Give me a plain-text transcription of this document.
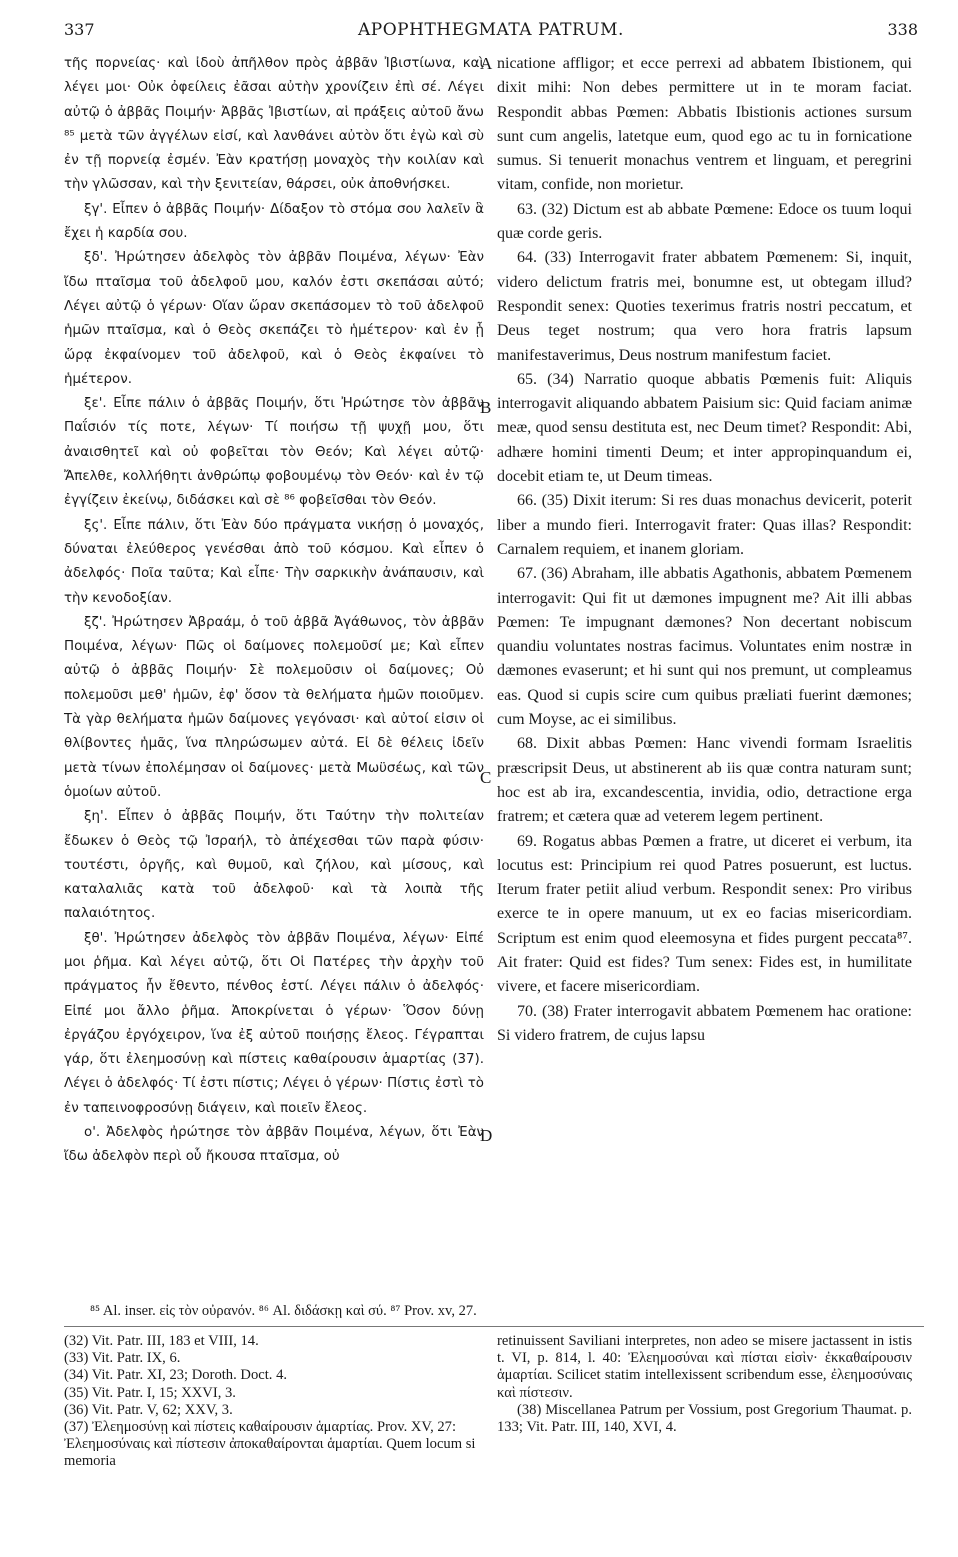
337	APOPHTHEGMATA PATRUM.	338

τῆς πορνείας· καὶ ἰδοὺ ἀπῆλθον πρὸς ἀββᾶν Ἰβιστίωνα, καὶ λέγει μοι· Οὐκ ὀφείλεις ἐᾶσαι αὐτὴν χρονίζειν ἐπὶ σέ. Λέγει αὐτῷ ὁ ἀββᾶς Ποιμήν· Ἀββᾶς Ἰβιστίων, αἱ πράξεις αὐτοῦ ἄνω ⁸⁵ μετὰ τῶν ἀγγέλων εἰσί, καὶ λανθάνει αὐτὸν ὅτι ἐγὼ καὶ σὺ ἐν τῇ πορνείᾳ ἐσμέν. Ἐὰν κρατήσῃ μοναχὸς τὴν κοιλίαν καὶ τὴν γλῶσσαν, καὶ τὴν ξενιτείαν, θάρσει, οὐκ ἀποθνήσκει.

ξγ'. Εἶπεν ὁ ἀββᾶς Ποιμήν· Δίδαξον τὸ στόμα σου λαλεῖν ἃ ἔχει ἡ καρδία σου.

ξδ'. Ἠρώτησεν ἀδελφὸς τὸν ἀββᾶν Ποιμένα, λέγων· Ἐὰν ἴδω πταῖσμα τοῦ ἀδελφοῦ μου, καλόν ἐστι σκεπάσαι αὐτό; Λέγει αὐτῷ ὁ γέρων· Οἵαν ὥραν σκεπάσομεν τὸ τοῦ ἀδελφοῦ ἡμῶν πταῖσμα, καὶ ὁ Θεὸς σκεπάζει τὸ ἡμέτερον· καὶ ἐν ᾗ ὥρᾳ ἐκφαίνομεν τοῦ ἀδελφοῦ, καὶ ὁ Θεὸς ἐκφαίνει τὸ ἡμέτερον.

ξε'. Εἶπε πάλιν ὁ ἀββᾶς Ποιμήν, ὅτι Ἠρώτησε τὸν ἀββᾶν Παΐσιόν τίς ποτε, λέγων· Τί ποιήσω τῇ ψυχῇ μου, ὅτι ἀναισθητεῖ καὶ οὐ φοβεῖται τὸν Θεόν; Καὶ λέγει αὐτῷ· Ἄπελθε, κολλήθητι ἀνθρώπῳ φοβουμένῳ τὸν Θεόν· καὶ ἐν τῷ ἐγγίζειν ἐκείνῳ, διδάσκει καὶ σὲ ⁸⁶ φοβεῖσθαι τὸν Θεόν.

ξς'. Εἶπε πάλιν, ὅτι Ἐὰν δύο πράγματα νικήσῃ ὁ μοναχός, δύναται ἐλεύθερος γενέσθαι ἀπὸ τοῦ κόσμου. Καὶ εἶπεν ὁ ἀδελφός· Ποῖα ταῦτα; Καὶ εἶπε· Τὴν σαρκικὴν ἀνάπαυσιν, καὶ τὴν κενοδοξίαν.

ξζ'. Ἠρώτησεν Ἀβραάμ, ὁ τοῦ ἀββᾶ Ἀγάθωνος, τὸν ἀββᾶν Ποιμένα, λέγων· Πῶς οἱ δαίμονες πολεμοῦσί με; Καὶ εἶπεν αὐτῷ ὁ ἀββᾶς Ποιμήν· Σὲ πολεμοῦσιν οἱ δαίμονες; Οὐ πολεμοῦσι μεθ' ἡμῶν, ἐφ' ὅσον τὰ θελήματα ἡμῶν ποιοῦμεν. Τὰ γὰρ θελήματα ἡμῶν δαίμονες γεγόνασι· καὶ αὐτοί εἰσιν οἱ θλίβοντες ἡμᾶς, ἵνα πληρώσωμεν αὐτά. Εἰ δὲ θέλεις ἰδεῖν μετὰ τίνων ἐπολέμησαν οἱ δαίμονες· μετὰ Μωϋσέως, καὶ τῶν ὁμοίων αὐτοῦ.

ξη'. Εἶπεν ὁ ἀββᾶς Ποιμήν, ὅτι Ταύτην τὴν πολιτείαν ἔδωκεν ὁ Θεὸς τῷ Ἰσραήλ, τὸ ἀπέχεσθαι τῶν παρὰ φύσιν· τουτέστι, ὀργῆς, καὶ θυμοῦ, καὶ ζήλου, καὶ μίσους, καὶ καταλαλιᾶς κατὰ τοῦ ἀδελφοῦ· καὶ τὰ λοιπὰ τῆς παλαιότητος.

ξθ'. Ἠρώτησεν ἀδελφὸς τὸν ἀββᾶν Ποιμένα, λέγων· Εἰπέ μοι ῥῆμα. Καὶ λέγει αὐτῷ, ὅτι Οἱ Πατέρες τὴν ἀρχὴν τοῦ πράγματος ἦν ἔθεντο, πένθος ἐστί. Λέγει πάλιν ὁ ἀδελφός· Εἰπέ μοι ἄλλο ῥῆμα. Ἀποκρίνεται ὁ γέρων· Ὅσον δύνῃ ἐργάζου ἐργόχειρον, ἵνα ἐξ αὐτοῦ ποιήσῃς ἔλεος. Γέγραπται γάρ, ὅτι ἐλεημοσύνῃ καὶ πίστεις καθαίρουσιν ἁμαρτίας (37). Λέγει ὁ ἀδελφός· Τί ἐστι πίστις; Λέγει ὁ γέρων· Πίστις ἐστὶ τὸ ἐν ταπεινοφροσύνῃ διάγειν, καὶ ποιεῖν ἔλεος.

ο'. Ἀδελφὸς ἠρώτησε τὸν ἀββᾶν Ποιμένα, λέγων, ὅτι Ἐὰν ἴδω ἀδελφὸν περὶ οὗ ἤκουσα πταῖσμα, οὐ

A
B
C
D

nicatione affligor; et ecce perrexi ad abbatem Ibistionem, qui dixit mihi: Non debes permittere ut in te moram faciat. Respondit abbas Pœmen: Abbatis Ibistionis actiones sursum sunt cum angelis, latetque eum, quod ego ac tu in fornicatione sumus. Si tenuerit monachus ventrem et linguam, et peregrini vitam, confide, non morietur.

63. (32) Dictum est ab abbate Pœmene: Edoce os tuum loqui quæ corde geris.

64. (33) Interrogavit frater abbatem Pœmenem: Si, inquit, videro delictum fratris mei, bonumne est, ut obtegam illud? Respondit senex: Quoties texerimus fratris nostri peccatum, et Deus teget nostrum; qua vero hora fratris lapsum manifestaverimus, Deus nostrum manifestum faciet.

65. (34) Narratio quoque abbatis Pœmenis fuit: Aliquis interrogavit aliquando abbatem Paisium sic: Quid faciam animæ meæ, quod sensu destituta est, nec Deum timet? Respondit: Abi, adhære homini timenti Deum; et inter appropinquandum ei, docebit etiam te, ut Deum timeas.

66. (35) Dixit iterum: Si res duas monachus devicerit, poterit liber a mundo fieri. Interrogavit frater: Quas illas? Respondit: Carnalem requiem, et inanem gloriam.

67. (36) Abraham, ille abbatis Agathonis, abbatem Pœmenem interrogavit: Qui fit ut dæmones impugnent me? Ait illi abbas Pœmen: Te impugnant dæmones? Non decertant nobiscum quandiu voluntates nostras facimus. Voluntates enim nostræ in dæmones evaserunt; et hi sunt qui nos premunt, ut compleamus eas. Quod si cupis scire cum quibus præliati fuerint dæmones; cum Moyse, ac ei similibus.

68. Dixit abbas Pœmen: Hanc vivendi formam Israelitis præscripsit Deus, ut abstinerent ab iis quæ contra naturam sunt; hoc est ab ira, excandescentia, invidia, odio, detractione erga fratrem; et cætera quæ ad veterem legem pertinent.

69. Rogatus abbas Pœmen a fratre, ut diceret ei verbum, ita locutus est: Principium rei quod Patres posuerunt, est luctus. Iterum frater petiit aliud verbum. Respondit senex: Pro viribus exerce te in opere manuum, ut ex eo facias misericordiam. Scriptum est enim quod eleemosyna et fides purgent peccata⁸⁷. Ait frater: Quid est fides? Tum senex: Fides est, in humilitate vivere, et facere misericordiam.

70. (38) Frater interrogavit abbatem Pœmenem hac oratione: Si videro fratrem, de cujus lapsu

⁸⁵ Al. inser. εἰς τὸν οὐρανόν. ⁸⁶ Al. διδάσκῃ καὶ σύ. ⁸⁷ Prov. xv, 27.
(32) Vit. Patr. III, 183 et VIII, 14.
(33) Vit. Patr. IX, 6.
(34) Vit. Patr. XI, 23; Doroth. Doct. 4.
(35) Vit. Patr. I, 15; XXVI, 3.
(36) Vit. Patr. V, 62; XXV, 3.
(37) Ἐλεημοσύνῃ καὶ πίστεις καθαίρουσιν ἁμαρτίας. Prov. XV, 27: Ἐλεημοσύναις καὶ πίστεσιν ἀποκαθαίρονται ἁμαρτίαι. Quem locum si memoria
retinuissent Saviliani interpretes, non adeo se misere jactassent in istis t. VI, p. 814, l. 40: Ἐλεημοσύναι καὶ πίσται εἰσὶν· ἐκκαθαίρουσιν ἁμαρτίαι. Scilicet statim intellexissent scribendum esse, ἐλεημοσύναις καὶ πίστεσιν.
(38) Miscellanea Patrum per Vossium, post Gregorium Thaumat. p. 133; Vit. Patr. III, 140, XVI, 4.
